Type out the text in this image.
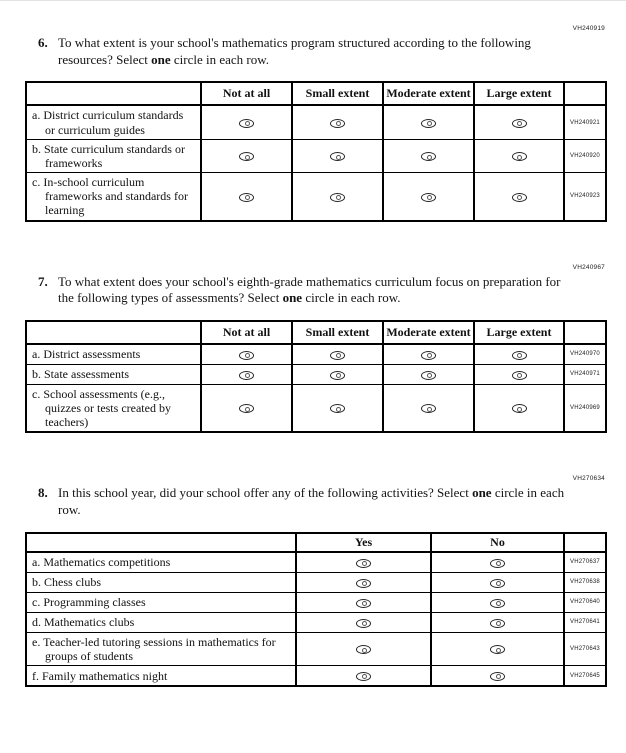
VH240919
6. To what extent is your school's mathematics program structured according to the following resources? Select one circle in each row.
	Not at all	Small extent	Moderate extent	Large extent	
a. District curriculum standards or curriculum guides					VH240921
b. State curriculum standards or frameworks					VH240920
c. In-school curriculum frameworks and standards for learning					VH240923
VH240967
7. To what extent does your school's eighth-grade mathematics curriculum focus on preparation for the following types of assessments? Select one circle in each row.
	Not at all	Small extent	Moderate extent	Large extent	
a. District assessments					VH240970
b. State assessments					VH240971
c. School assessments (e.g., quizzes or tests created by teachers)					VH240969
VH270634
8. In this school year, did your school offer any of the following activities? Select one circle in each row.
	Yes	No	
a. Mathematics competitions			VH270637
b. Chess clubs			VH270638
c. Programming classes			VH270640
d. Mathematics clubs			VH270641
e. Teacher-led tutoring sessions in mathematics for groups of students			VH270643
f. Family mathematics night			VH270645
